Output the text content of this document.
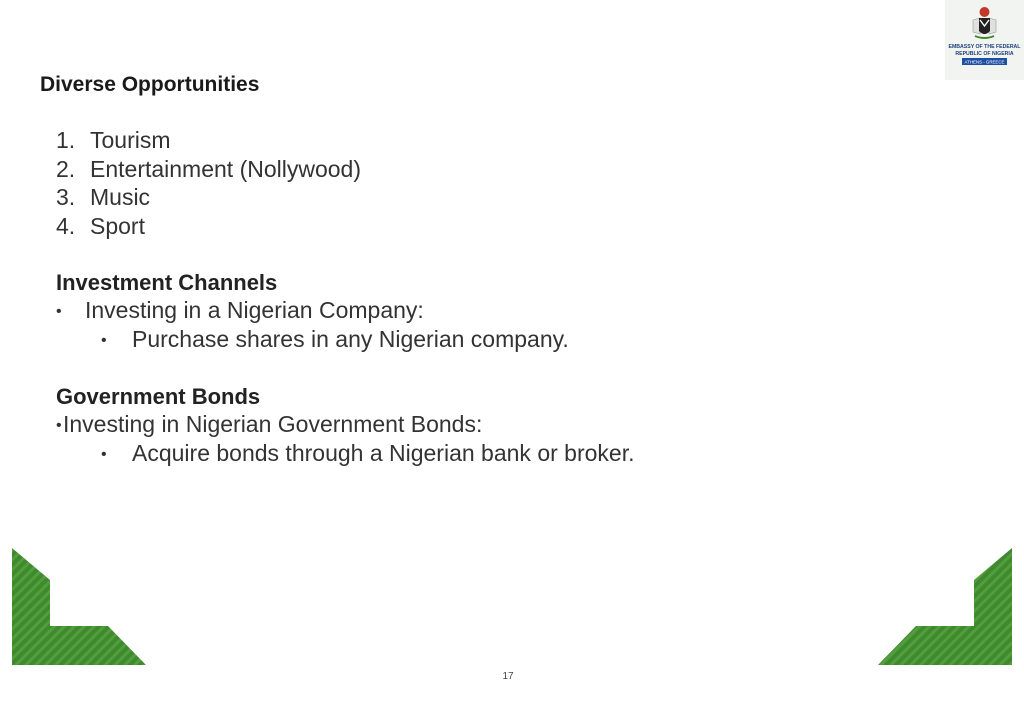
Diverse Opportunities
1. Tourism
2. Entertainment (Nollywood)
3. Music
4. Sport
Investment Channels
• Investing in a Nigerian Company:
• Purchase shares in any Nigerian company.
Government Bonds
•Investing in Nigerian Government Bonds:
• Acquire bonds through a Nigerian bank or broker.
EMBASSY OF THE FEDERAL
REPUBLIC OF NIGERIA
ATHENS - GREECE
17
